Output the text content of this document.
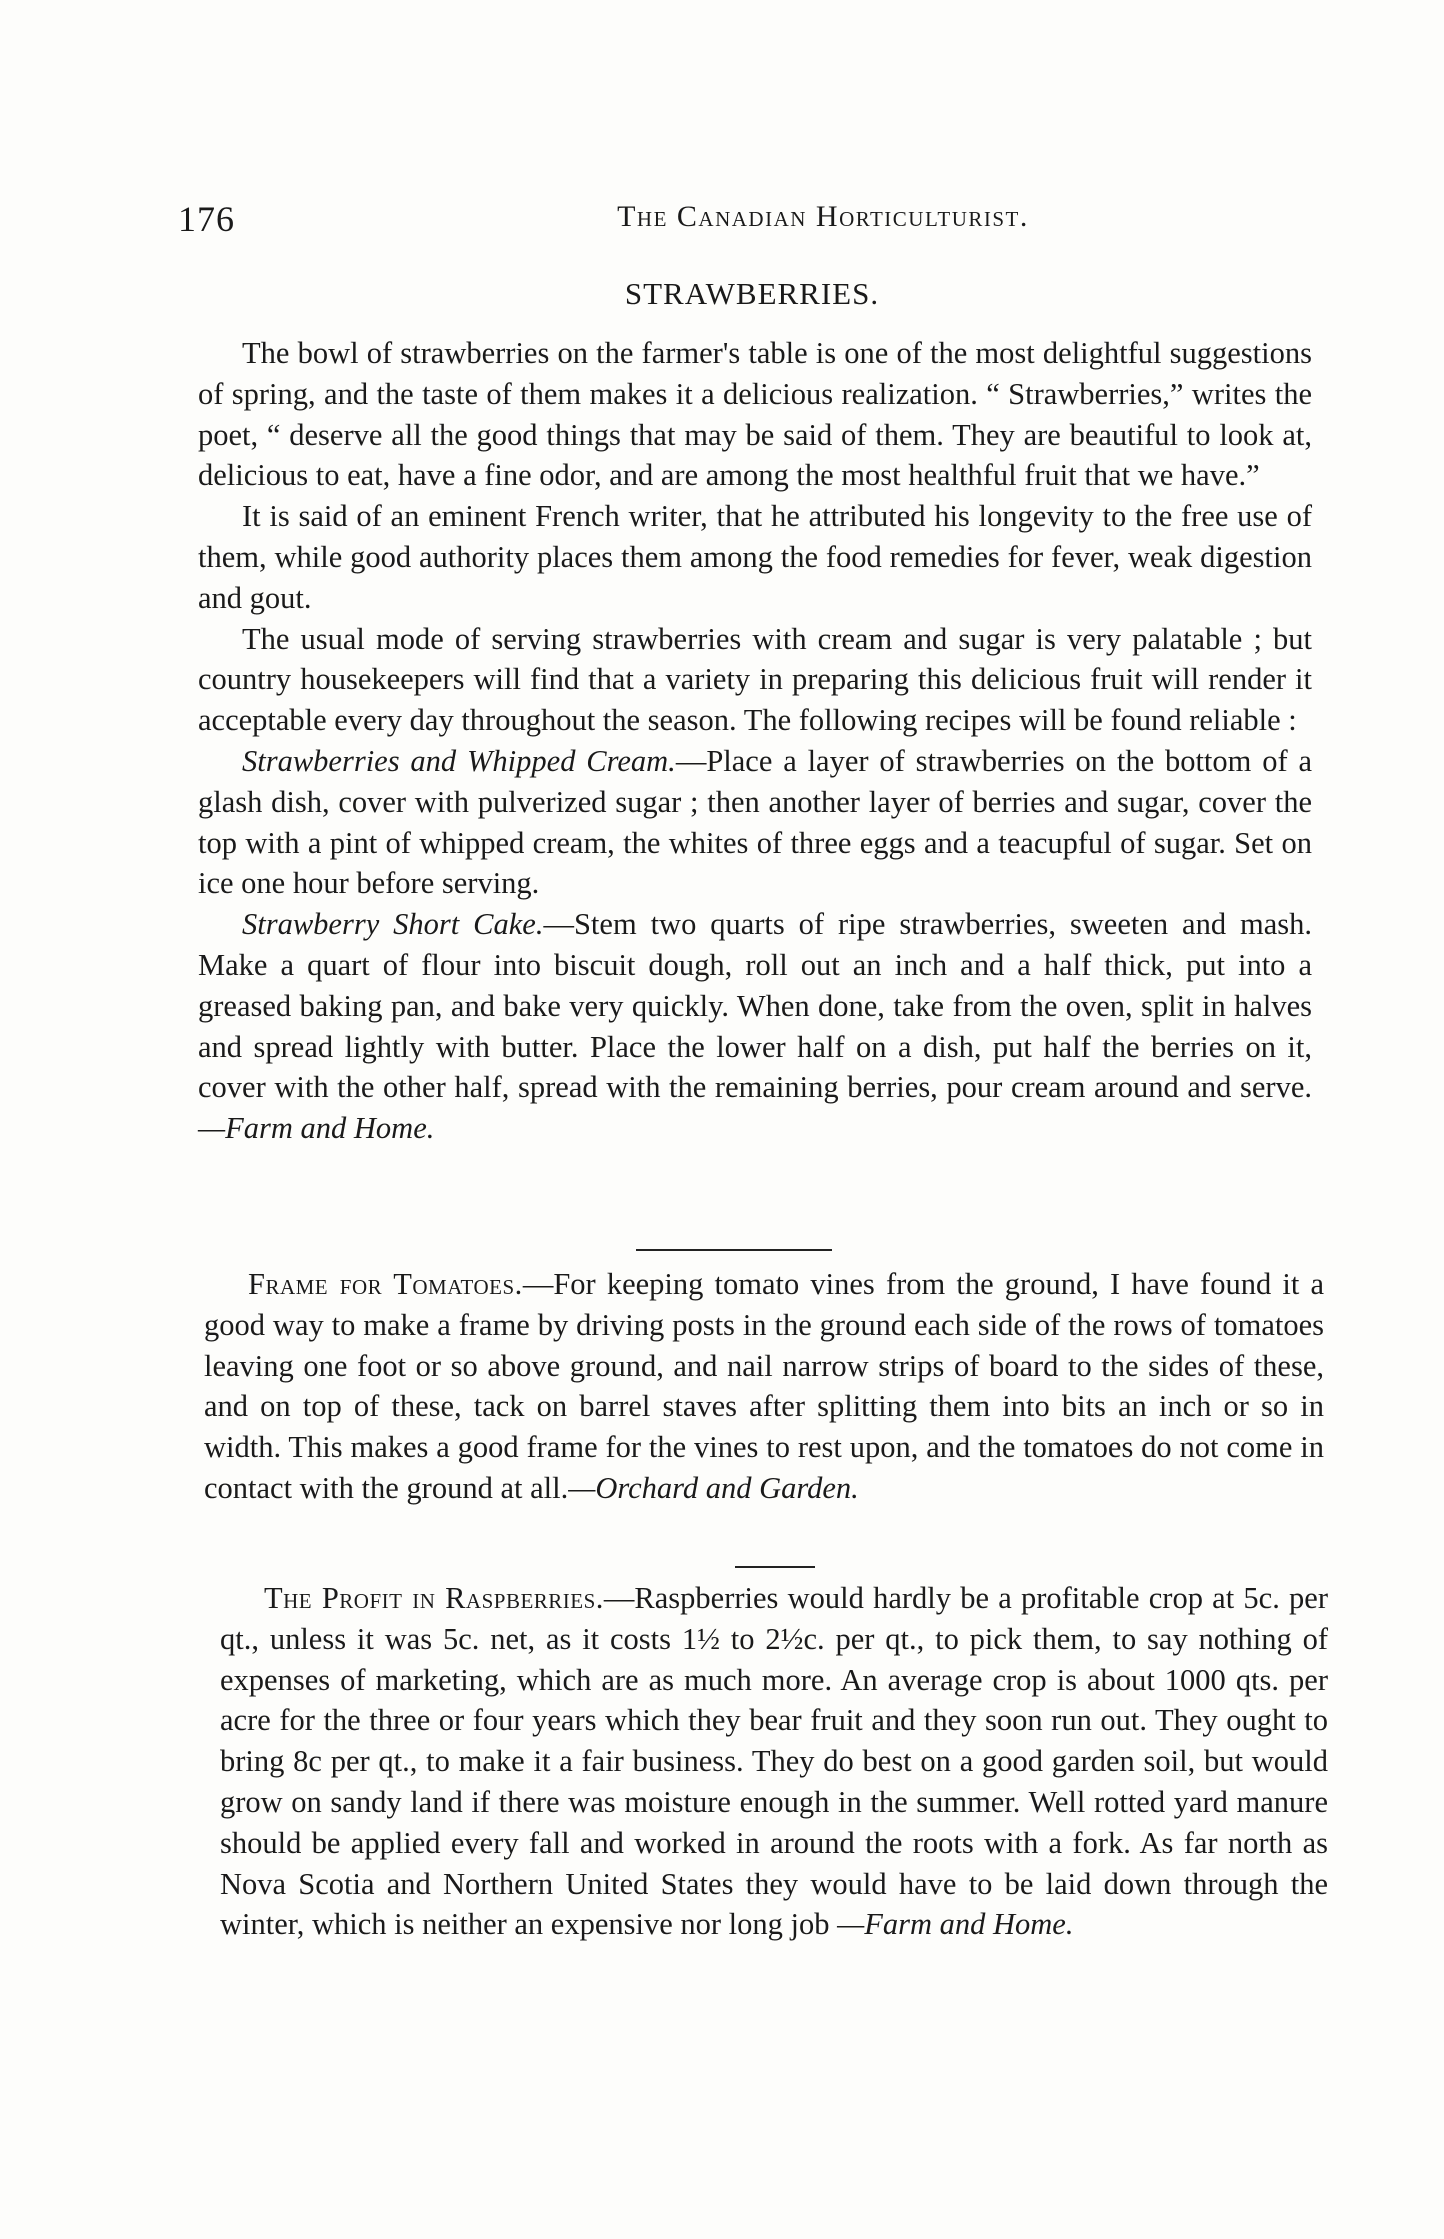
176	The Canadian Horticulturist.
STRAWBERRIES.

The bowl of strawberries on the farmer's table is one of the most delightful suggestions of spring, and the taste of them makes it a delicious realization. “ Strawberries,” writes the poet, “ deserve all the good things that may be said of them. They are beautiful to look at, delicious to eat, have a fine odor, and are among the most healthful fruit that we have.”

It is said of an eminent French writer, that he attributed his longevity to the free use of them, while good authority places them among the food remedies for fever, weak digestion and gout.

The usual mode of serving strawberries with cream and sugar is very palatable ; but country housekeepers will find that a variety in preparing this delicious fruit will render it acceptable every day throughout the season. The following recipes will be found reliable :

Strawberries and Whipped Cream.—Place a layer of strawberries on the bottom of a glash dish, cover with pulverized sugar ; then another layer of berries and sugar, cover the top with a pint of whipped cream, the whites of three eggs and a teacupful of sugar. Set on ice one hour before serving.

Strawberry Short Cake.—Stem two quarts of ripe strawberries, sweeten and mash. Make a quart of flour into biscuit dough, roll out an inch and a half thick, put into a greased baking pan, and bake very quickly. When done, take from the oven, split in halves and spread lightly with butter. Place the lower half on a dish, put half the berries on it, cover with the other half, spread with the remaining berries, pour cream around and serve.—Farm and Home.

Frame for Tomatoes.—For keeping tomato vines from the ground, I have found it a good way to make a frame by driving posts in the ground each side of the rows of tomatoes leaving one foot or so above ground, and nail narrow strips of board to the sides of these, and on top of these, tack on barrel staves after splitting them into bits an inch or so in width. This makes a good frame for the vines to rest upon, and the tomatoes do not come in contact with the ground at all.—Orchard and Garden.

The Profit in Raspberries.—Raspberries would hardly be a profitable crop at 5c. per qt., unless it was 5c. net, as it costs 1½ to 2½c. per qt., to pick them, to say nothing of expenses of marketing, which are as much more. An average crop is about 1000 qts. per acre for the three or four years which they bear fruit and they soon run out. They ought to bring 8c per qt., to make it a fair business. They do best on a good garden soil, but would grow on sandy land if there was moisture enough in the summer. Well rotted yard manure should be applied every fall and worked in around the roots with a fork. As far north as Nova Scotia and Northern United States they would have to be laid down through the winter, which is neither an expensive nor long job —Farm and Home.
